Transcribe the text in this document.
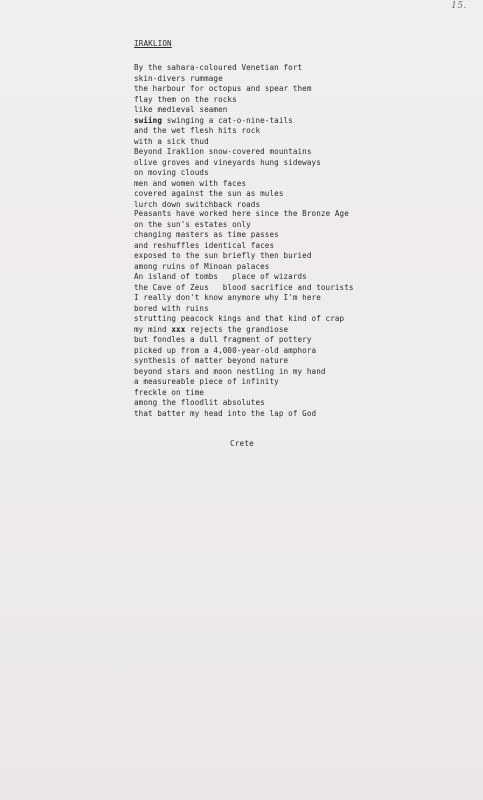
15.
IRAKLION
By the sahara-coloured Venetian fort
skin-divers rummage
the harbour for octopus and spear them
flay them on the rocks
like medieval seamen
swiing swinging a cat-o-nine-tails
and the wet flesh hits rock
with a sick thud
Beyond Iraklion snow-covered mountains
olive groves and vineyards hung sideways
on moving clouds
men and women with faces
covered against the sun as mules
lurch down switchback roads
Peasants have worked here since the Bronze Age
on the sun's estates only
changing masters as time passes
and reshuffles identical faces
exposed to the sun briefly then buried
among ruins of Minoan palaces
An island of tombs   place of wizards
the Cave of Zeus   blood sacrifice and tourists
I really don't know anymore why I'm here
bored with ruins
strutting peacock kings and that kind of crap
my mind xxx rejects the grandiose
but fondles a dull fragment of pottery
picked up from a 4,000-year-old amphora
synthesis of matter beyond nature
beyond stars and moon nestling in my hand
a measureable piece of infinity
freckle on time
among the floodlit absolutes
that batter my head into the lap of God
Crete
